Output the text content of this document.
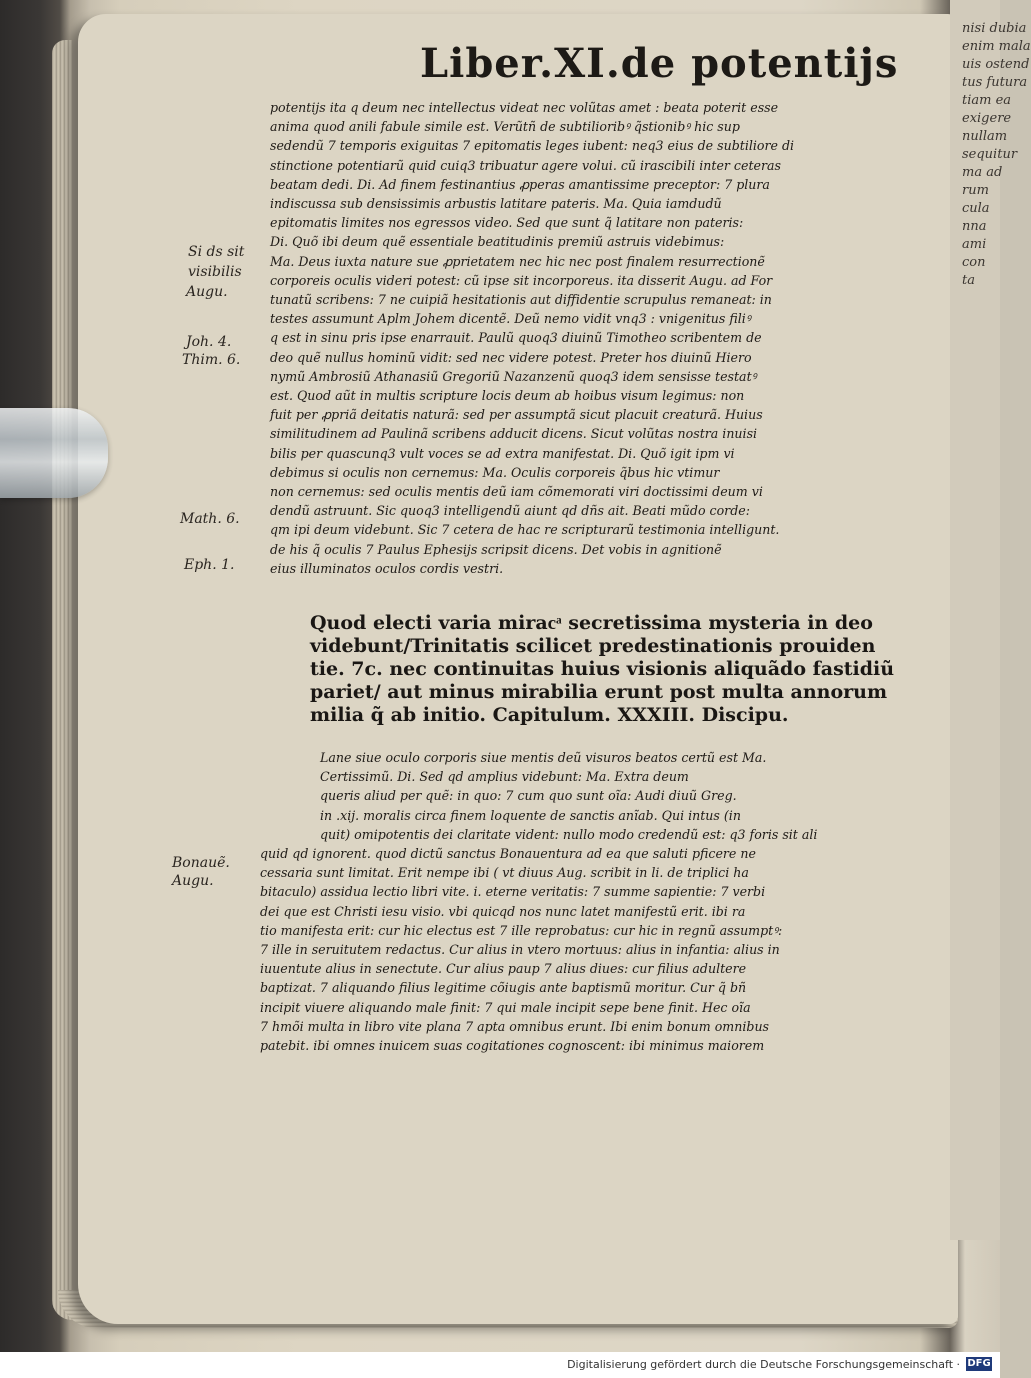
nisi dubia
enim mala
uis ostend
tus futura
tiam ea
exigere
nullam
sequitur
ma ad
rum
cula
nna
ami
con
ta
Liber.XI.de potentijs
potentijs ita q deum nec intellectus videat nec volũtas amet : beata poterit esse
anima quod anili fabule simile est. Verũtñ de subtilioribꝰ q̃stionibꝰ hic sup
sedendũ 7 temporis exiguitas 7 epitomatis leges iubent: neq3 eius de subtiliore di
stinctione potentiarũ quid cuiq3 tribuatur agere volui. cũ irascibili inter ceteras
beatam dedi. Di. Ad finem festinantius ꝓperas amantissime preceptor: 7 plura
indiscussa sub densissimis arbustis latitare pateris. Ma. Quia iamdudũ
epitomatis limites nos egressos video. Sed que sunt q̃ latitare non pateris:
Di. Quõ ibi deum quẽ essentiale beatitudinis premiũ astruis videbimus:
Ma. Deus iuxta nature sue ꝓprietatem nec hic nec post finalem resurrectionẽ
corporeis oculis videri potest: cũ ipse sit incorporeus. ita disserit Augu. ad For
tunatũ scribens: 7 ne cuipiã hesitationis aut diffidentie scrupulus remaneat: in
testes assumunt Aplm Johem dicentẽ. Deũ nemo vidit vnq3 : vnigenitus filiꝰ
q est in sinu pris ipse enarrauit. Paulũ quoq3 diuinũ Timotheo scribentem de
deo quẽ nullus hominũ vidit: sed nec videre potest. Preter hos diuinũ Hiero
nymũ Ambrosiũ Athanasiũ Gregoriũ Nazanzenũ quoq3 idem sensisse testatꝰ
est. Quod aũt in multis scripture locis deum ab hoibus visum legimus: non
fuit per ꝓpriã deitatis naturã: sed per assumptã sicut placuit creaturã. Huius
similitudinem ad Paulinã scribens adducit dicens. Sicut volũtas nostra inuisi
bilis per quascunq3 vult voces se ad extra manifestat. Di. Quõ igit ipm vi
debimus si oculis non cernemus: Ma. Oculis corporeis q̃bus hic vtimur
non cernemus: sed oculis mentis deũ iam cõmemorati viri doctissimi deum vi
dendũ astruunt. Sic quoq3 intelligendũ aiunt qd dñs ait. Beati mũdo corde:
qm ipi deum videbunt. Sic 7 cetera de hac re scripturarũ testimonia intelligunt.
de his q̃ oculis 7 Paulus Ephesijs scripsit dicens. Det vobis in agnitionẽ
eius illuminatos oculos cordis vestri.
Quod electi varia miracͣ secretissima mysteria in deo
videbunt/Trinitatis scilicet predestinationis prouiden
tie. 7c. nec continuitas huius visionis aliquãdo fastidiũ
pariet/ aut minus mirabilia erunt post multa annorum
milia q̃ ab initio. Capitulum. XXXIII. Discipu.
Lane siue oculo corporis siue mentis deũ visuros beatos certũ est Ma.
Certissimũ. Di. Sed qd amplius videbunt: Ma. Extra deum
queris aliud per quẽ: in quo: 7 cum quo sunt oĩa: Audi diuũ Greg.
in .xij. moralis circa finem loquente de sanctis anĩab. Qui intus (in
quit) omipotentis dei claritate vident: nullo modo credendũ est: q3 foris sit ali
quid qd ignorent. quod dictũ sanctus Bonauentura ad ea que saluti pficere ne
cessaria sunt limitat. Erit nempe ibi ( vt diuus Aug. scribit in li. de triplici ha
bitaculo) assidua lectio libri vite. i. eterne veritatis: 7 summe sapientie: 7 verbi
dei que est Christi iesu visio. vbi quicqd nos nunc latet manifestũ erit. ibi ra
tio manifesta erit: cur hic electus est 7 ille reprobatus: cur hic in regnũ assumptꝰ:
7 ille in seruitutem redactus. Cur alius in vtero mortuus: alius in infantia: alius in
iuuentute alius in senectute. Cur alius paup 7 alius diues: cur filius adultere
baptizat. 7 aliquando filius legitime cõiugis ante baptismũ moritur. Cur q̃ bñ
incipit viuere aliquando male finit: 7 qui male incipit sepe bene finit. Hec oĩa
7 hmõi multa in libro vite plana 7 apta omnibus erunt. Ibi enim bonum omnibus
patebit. ibi omnes inuicem suas cogitationes cognoscent: ibi minimus maiorem
Si ds sit
visibilis
Augu.
Joh. 4.
Thim. 6.
Math. 6.
Eph. 1.
Bonauẽ.
Augu.
Digitalisierung gefördert durch die Deutsche Forschungsgemeinschaft · DFG
